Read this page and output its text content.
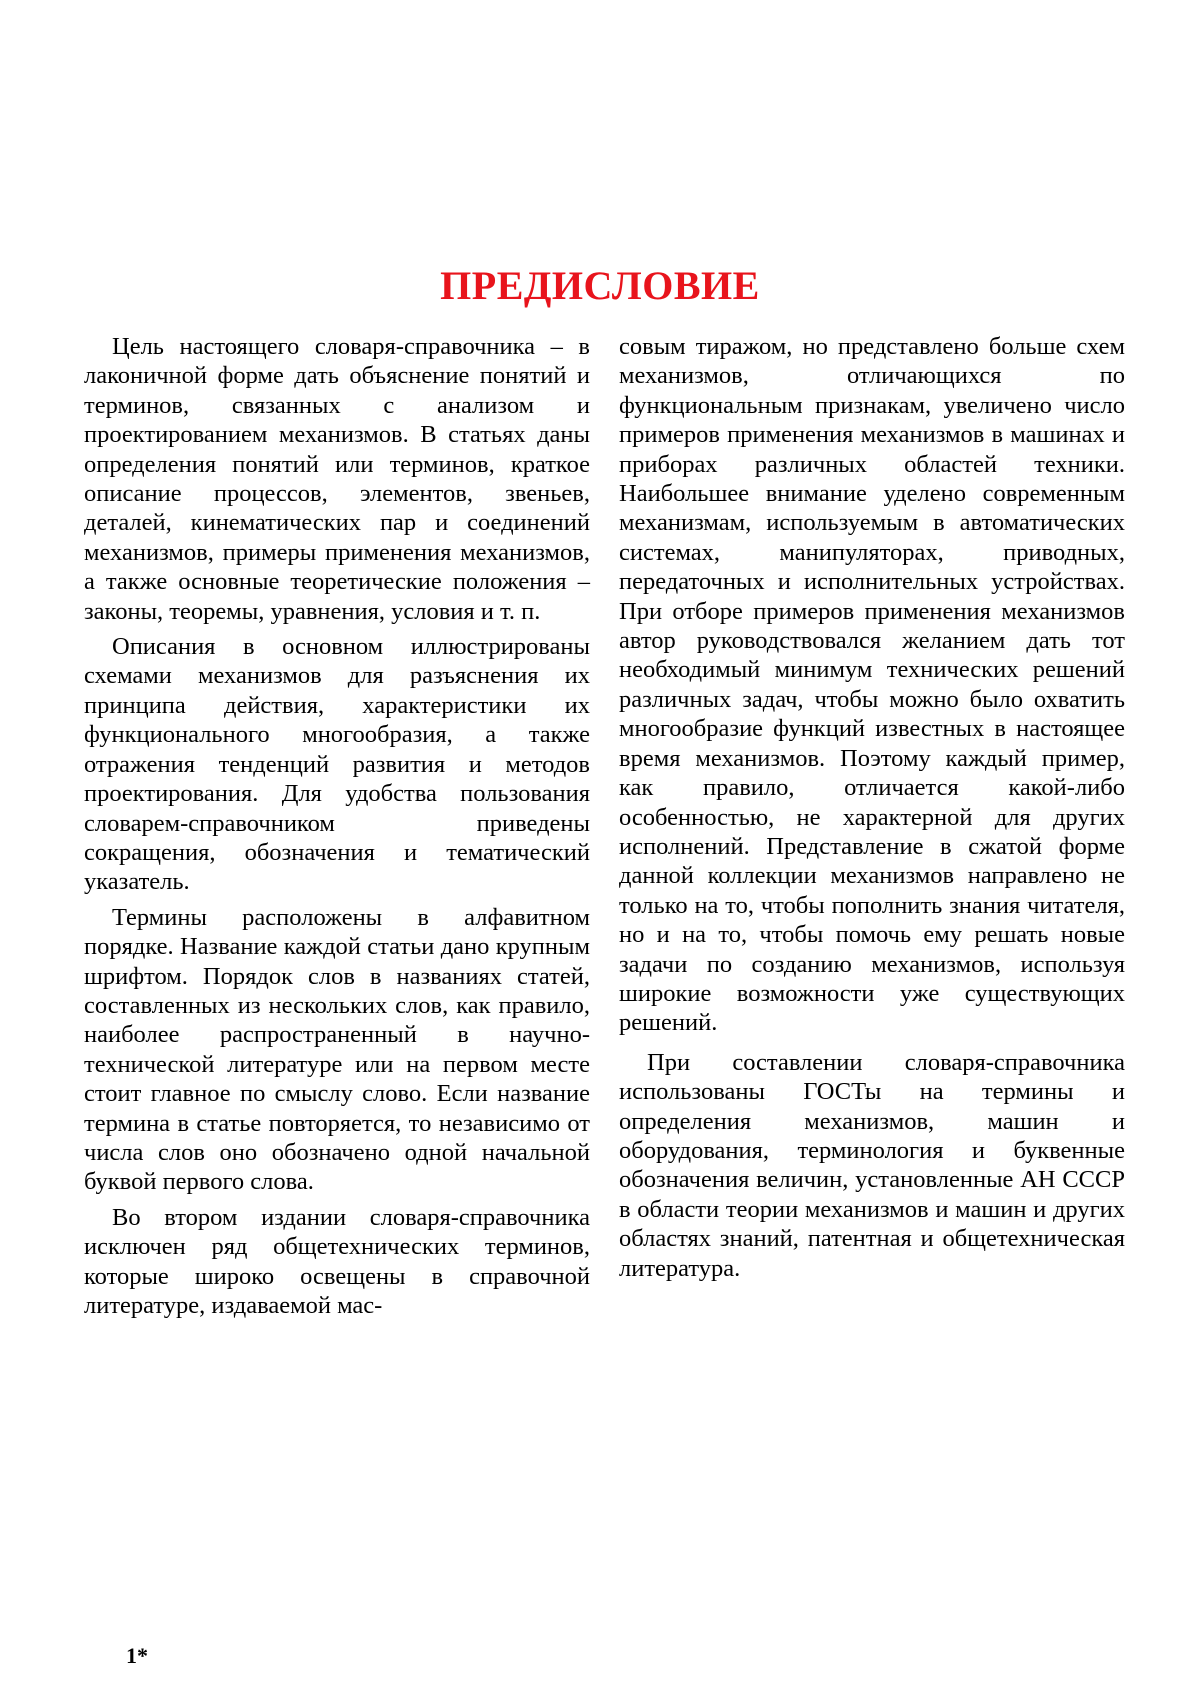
ПРЕДИСЛОВИЕ

Цель настоящего словаря-справочника – в лаконичной форме дать объяснение понятий и терминов, связанных с анализом и проектированием механизмов. В статьях даны определения понятий или терминов, краткое описание процессов, элементов, звеньев, деталей, кинематических пар и соединений механизмов, примеры применения механизмов, а также основные теоретические положения – законы, теоремы, уравнения, условия и т. п.

Описания в основном иллюстрированы схемами механизмов для разъяснения их принципа действия, характеристики их функционального многообразия, а также отражения тенденций развития и методов проектирования. Для удобства пользования словарем-справочником приведены сокращения, обозначения и тематический указатель.

Термины расположены в алфавитном порядке. Название каждой статьи дано крупным шрифтом. Порядок слов в названиях статей, составленных из нескольких слов, как правило, наиболее распространенный в научно-технической литературе или на первом месте стоит главное по смыслу слово. Если название термина в статье повторяется, то независимо от числа слов оно обозначено одной начальной буквой первого слова.

Во втором издании словаря-справочника исключен ряд общетехнических терминов, которые широко освещены в справочной литературе, издаваемой мас-

совым тиражом, но представлено больше схем механизмов, отличающихся по функциональным признакам, увеличено число примеров применения механизмов в машинах и приборах различных областей техники. Наибольшее внимание уделено современным механизмам, используемым в автоматических системах, манипуляторах, приводных, передаточных и исполнительных устройствах. При отборе примеров применения механизмов автор руководствовался желанием дать тот необходимый минимум технических решений различных задач, чтобы можно было охватить многообразие функций известных в настоящее время механизмов. Поэтому каждый пример, как правило, отличается какой-либо особенностью, не характерной для других исполнений. Представление в сжатой форме данной коллекции механизмов направлено не только на то, чтобы пополнить знания читателя, но и на то, чтобы помочь ему решать новые задачи по созданию механизмов, используя широкие возможности уже существующих решений.

При составлении словаря-справочника использованы ГОСТы на термины и определения механизмов, машин и оборудования, терминология и буквенные обозначения величин, установленные АН СССР в области теории механизмов и машин и других областях знаний, патентная и общетехническая литература.

1*
